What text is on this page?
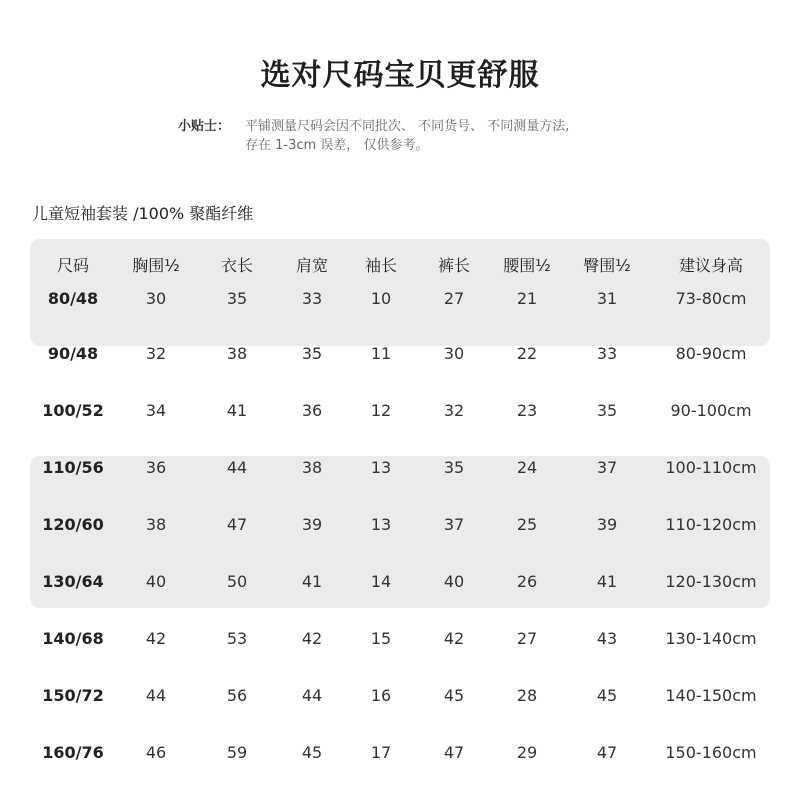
选对尺码宝贝更舒服
小贴士： 平铺测量尺码会因不同批次、 不同货号、 不同测量方法,
存在 1-3cm 误差， 仅供参考。
儿童短袖套装 /100% 聚酯纤维
尺码	胸围½	衣长	肩宽	袖长	裤长	腰围½	臀围½	建议身高
80/48	30	35	33	10	27	21	31	73-80cm
90/48	32	38	35	11	30	22	33	80-90cm
100/52	34	41	36	12	32	23	35	90-100cm
110/56	36	44	38	13	35	24	37	100-110cm
120/60	38	47	39	13	37	25	39	110-120cm
130/64	40	50	41	14	40	26	41	120-130cm
140/68	42	53	42	15	42	27	43	130-140cm
150/72	44	56	44	16	45	28	45	140-150cm
160/76	46	59	45	17	47	29	47	150-160cm
